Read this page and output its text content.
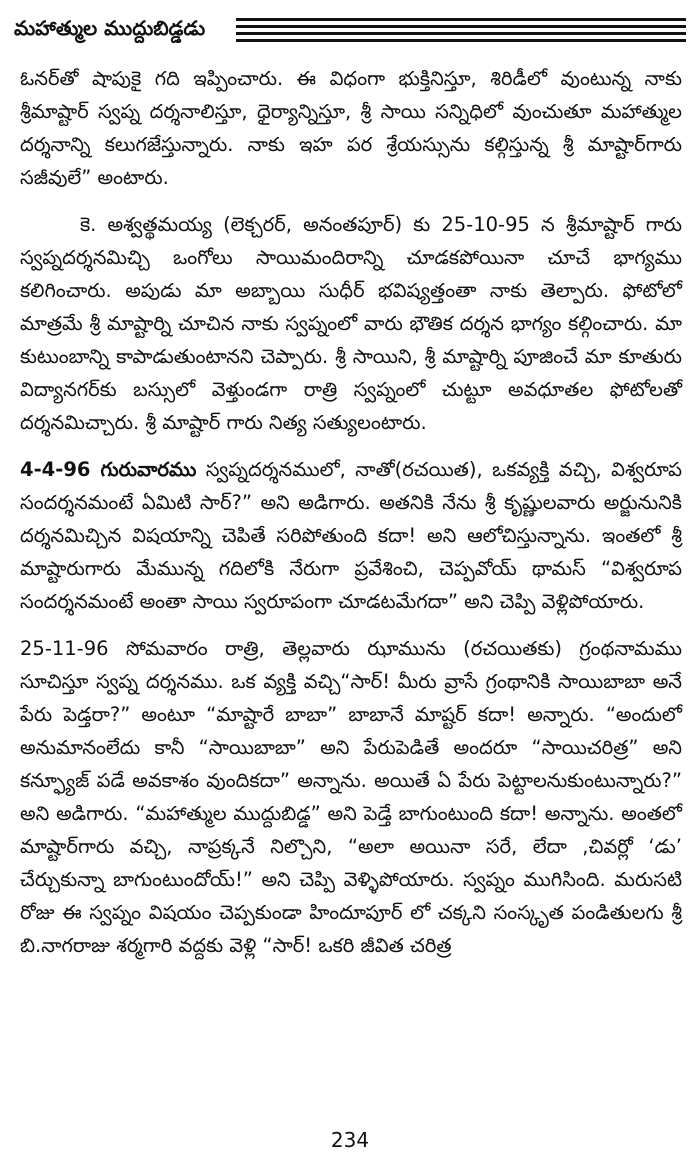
మహాత్ముల ముద్దుబిడ్డడు

ఓనర్‌తో షాపుకై గది ఇప్పించారు. ఈ విధంగా భుక్తినిస్తూ, శిరిడీలో వుంటున్న నాకు శ్రీమాష్టార్ స్వప్న దర్శనాలిస్తూ, ధైర్యాన్నిస్తూ, శ్రీ సాయి సన్నిధిలో వుంచుతూ మహాత్ముల దర్శనాన్ని కలుగజేస్తున్నారు. నాకు ఇహ పర శ్రేయస్సును కల్గిస్తున్న శ్రీ మాష్టార్‌గారు సజీవులే” అంటారు.

కె. అశ్వత్థమయ్య (లెక్చరర్, అనంతపూర్) కు 25-10-95 న శ్రీమాష్టార్ గారు స్వప్నదర్శనమిచ్చి ఒంగోలు సాయిమందిరాన్ని చూడకపోయినా చూచే భాగ్యము కలిగించారు. అపుడు మా అబ్బాయి సుధీర్ భవిష్యత్తంతా నాకు తెల్పారు. ఫోటోలో మాత్రమే శ్రీ మాష్టార్ని చూచిన నాకు స్వప్నంలో వారు భౌతిక దర్శన భాగ్యం కల్గించారు. మా కుటుంబాన్ని కాపాడుతుంటానని చెప్పారు. శ్రీ సాయిని, శ్రీ మాష్టార్ని పూజించే మా కూతురు విద్యానగర్‌కు బస్సులో వెళ్తుండగా రాత్రి స్వప్నంలో చుట్టూ అవధూతల ఫోటోలతో దర్శనమిచ్చారు. శ్రీ మాష్టార్ గారు నిత్య సత్యులంటారు.

4-4-96 గురువారము స్వప్నదర్శనములో, నాతో(రచయిత), ఒకవ్యక్తి వచ్చి, విశ్వరూప సందర్శనమంటే ఏమిటి సార్?” అని అడిగారు. అతనికి నేను శ్రీ కృష్ణులవారు అర్జునునికి దర్శనమిచ్చిన విషయాన్ని చెపితే సరిపోతుంది కదా! అని ఆలోచిస్తున్నాను. ఇంతలో శ్రీ మాష్టారుగారు మేమున్న గదిలోకి నేరుగా ప్రవేశించి, చెప్పవోయ్ థామస్ “విశ్వరూప సందర్శనమంటే అంతా సాయి స్వరూపంగా చూడటమేగదా” అని చెప్పి వెళ్లిపోయారు.

25-11-96 సోమవారం రాత్రి, తెల్లవారు ఝామును (రచయితకు) గ్రంథనామము సూచిస్తూ స్వప్న దర్శనము. ఒక వ్యక్తి వచ్చి“సార్! మీరు వ్రాసే గ్రంథానికి సాయిబాబా అనే పేరు పెడ్తరా?” అంటూ “మాష్టారే బాబా” బాబానే మాష్టర్ కదా! అన్నారు. “అందులో అనుమానంలేదు కానీ “సాయిబాబా” అని పేరుపెడితే అందరూ “సాయిచరిత్ర” అని కన్ఫ్యూజ్ పడే అవకాశం వుందికదా” అన్నాను. అయితే ఏ పేరు పెట్టాలనుకుంటున్నారు?” అని అడిగారు. “మహాత్ముల ముద్దుబిడ్డ” అని పెడ్తే బాగుంటుంది కదా! అన్నాను. అంతలో మాష్టార్‌గారు వచ్చి, నాప్రక్కనే నిల్చొని, “అలా అయినా సరే, లేదా ,చివర్లో ‘డు’ చేర్చుకున్నా బాగుంటుందోయ్!” అని చెప్పి వెళ్ళిపోయారు. స్వప్నం ముగిసింది. మరుసటి రోజు ఈ స్వప్నం విషయం చెప్పకుండా హిందూపూర్ లో చక్కని సంస్కృత పండితులగు శ్రీ బి.నాగరాజు శర్మగారి వద్దకు వెళ్లి “సార్! ఒకరి జీవిత చరిత్ర

234
